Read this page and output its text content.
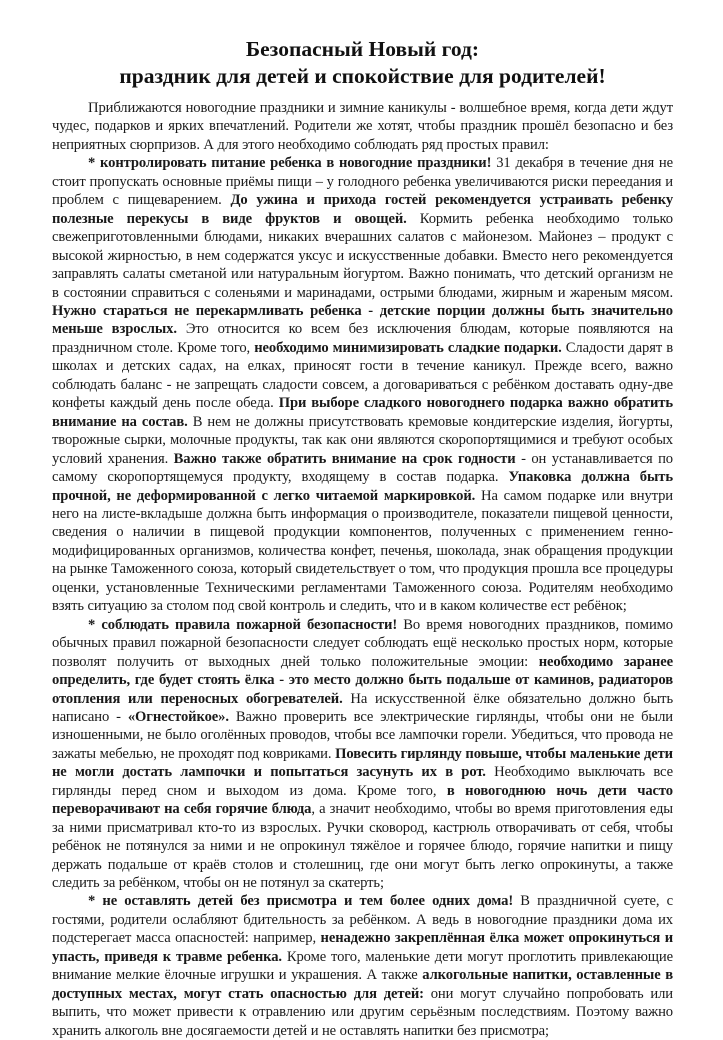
Безопасный Новый год:
праздник для детей и спокойствие для родителей!

Приближаются новогодние праздники и зимние каникулы - волшебное время, когда дети ждут чудес, подарков и ярких впечатлений. Родители же хотят, чтобы праздник прошёл безопасно и без неприятных сюрпризов. А для этого необходимо соблюдать ряд простых правил:

* контролировать питание ребенка в новогодние праздники! 31 декабря в течение дня не стоит пропускать основные приёмы пищи – у голодного ребенка увеличиваются риски переедания и проблем с пищеварением. До ужина и прихода гостей рекомендуется устраивать ребенку полезные перекусы в виде фруктов и овощей. Кормить ребенка необходимо только свежеприготовленными блюдами, никаких вчерашних салатов с майонезом. Майонез – продукт с высокой жирностью, в нем содержатся уксус и искусственные добавки. Вместо него рекомендуется заправлять салаты сметаной или натуральным йогуртом. Важно понимать, что детский организм не в состоянии справиться с соленьями и маринадами, острыми блюдами, жирным и жареным мясом. Нужно стараться не перекармливать ребенка - детские порции должны быть значительно меньше взрослых. Это относится ко всем без исключения блюдам, которые появляются на праздничном столе. Кроме того, необходимо минимизировать сладкие подарки. Сладости дарят в школах и детских садах, на елках, приносят гости в течение каникул. Прежде всего, важно соблюдать баланс - не запрещать сладости совсем, а договариваться с ребёнком доставать одну-две конфеты каждый день после обеда. При выборе сладкого новогоднего подарка важно обратить внимание на состав. В нем не должны присутствовать кремовые кондитерские изделия, йогурты, творожные сырки, молочные продукты, так как они являются скоропортящимися и требуют особых условий хранения. Важно также обратить внимание на срок годности - он устанавливается по самому скоропортящемуся продукту, входящему в состав подарка. Упаковка должна быть прочной, не деформированной с легко читаемой маркировкой. На самом подарке или внутри него на листе-вкладыше должна быть информация о производителе, показатели пищевой ценности, сведения о наличии в пищевой продукции компонентов, полученных с применением генно-модифицированных организмов, количества конфет, печенья, шоколада, знак обращения продукции на рынке Таможенного союза, который свидетельствует о том, что продукция прошла все процедуры оценки, установленные Техническими регламентами Таможенного союза. Родителям необходимо взять ситуацию за столом под свой контроль и следить, что и в каком количестве ест ребёнок;

* соблюдать правила пожарной безопасности! Во время новогодних праздников, помимо обычных правил пожарной безопасности следует соблюдать ещё несколько простых норм, которые позволят получить от выходных дней только положительные эмоции: необходимо заранее определить, где будет стоять ёлка - это место должно быть подальше от каминов, радиаторов отопления или переносных обогревателей. На искусственной ёлке обязательно должно быть написано - «Огнестойкое». Важно проверить все электрические гирлянды, чтобы они не были изношенными, не было оголённых проводов, чтобы все лампочки горели. Убедиться, что провода не зажаты мебелью, не проходят под ковриками. Повесить гирлянду повыше, чтобы маленькие дети не могли достать лампочки и попытаться засунуть их в рот. Необходимо выключать все гирлянды перед сном и выходом из дома. Кроме того, в новогоднюю ночь дети часто переворачивают на себя горячие блюда, а значит необходимо, чтобы во время приготовления еды за ними присматривал кто-то из взрослых. Ручки сковород, кастрюль отворачивать от себя, чтобы ребёнок не потянулся за ними и не опрокинул тяжёлое и горячее блюдо, горячие напитки и пищу держать подальше от краёв столов и столешниц, где они могут быть легко опрокинуты, а также следить за ребёнком, чтобы он не потянул за скатерть;

* не оставлять детей без присмотра и тем более одних дома! В праздничной суете, с гостями, родители ослабляют бдительность за ребёнком. А ведь в новогодние праздники дома их подстерегает масса опасностей: например, ненадежно закреплённая ёлка может опрокинуться и упасть, приведя к травме ребенка. Кроме того, маленькие дети могут проглотить привлекающие внимание мелкие ёлочные игрушки и украшения. А также алкогольные напитки, оставленные в доступных местах, могут стать опасностью для детей: они могут случайно попробовать или выпить, что может привести к отравлению или другим серьёзным последствиям. Поэтому важно хранить алкоголь вне досягаемости детей и не оставлять напитки без присмотра;
